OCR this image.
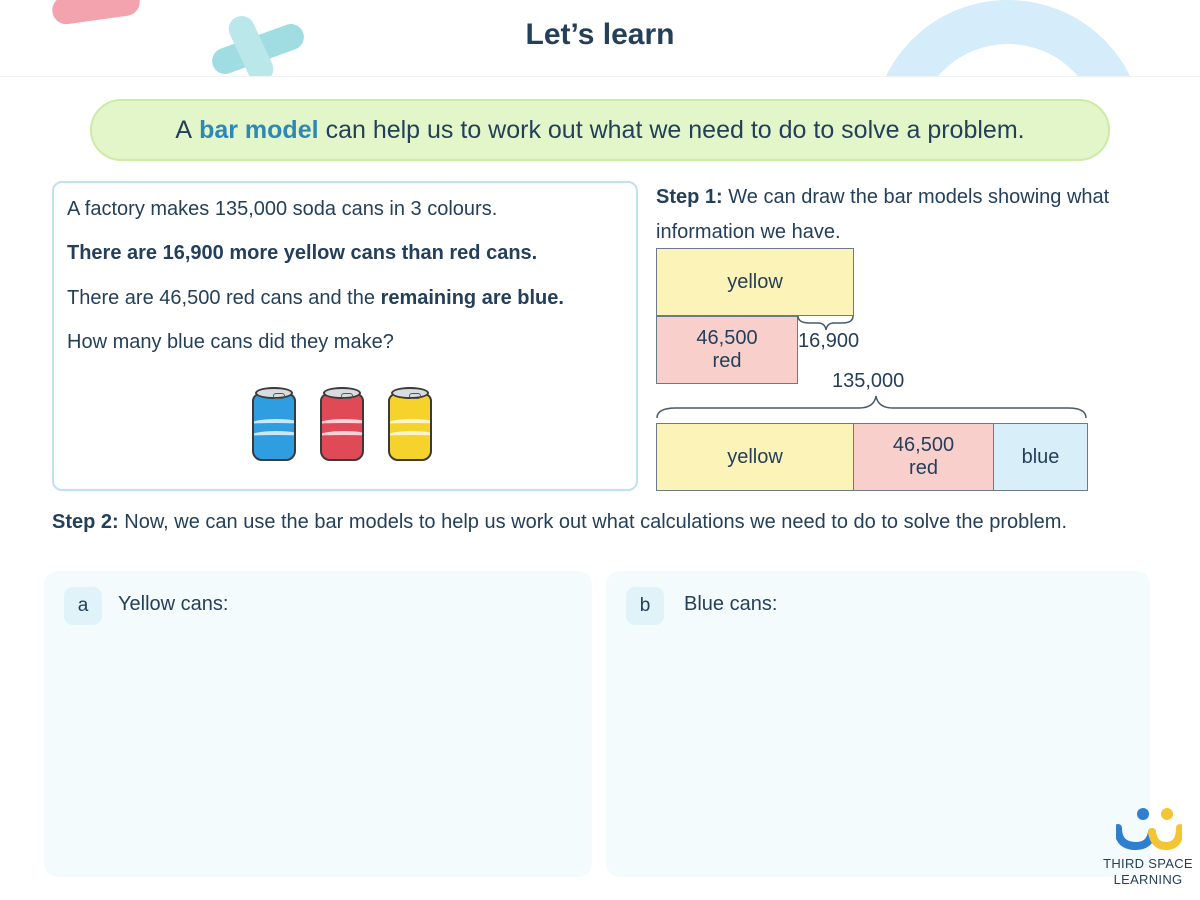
Let’s learn
A bar model can help us to work out what we need to do to solve a problem.

A factory makes 135,000 soda cans in 3 colours.

There are 16,900 more yellow cans than red cans.

There are 46,500 red cans and the remaining are blue.

How many blue cans did they make?

Step 1: We can draw the bar models showing what information we have.
yellow
46,500
red
16,900
135,000
yellow
46,500
red
blue
Step 2: Now, we can use the bar models to help us work out what calculations we need to do to solve the problem.
a	Yellow cans:	b	Blue cans:
THIRD SPACE
LEARNING
